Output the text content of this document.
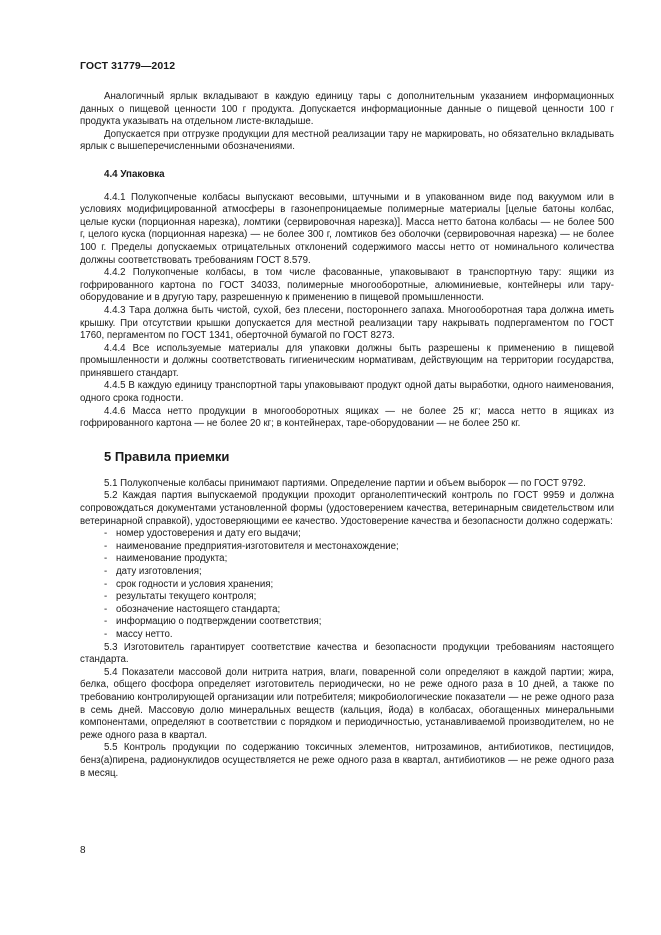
ГОСТ 31779—2012

Аналогичный ярлык вкладывают в каждую единицу тары с дополнительным указанием информационных данных о пищевой ценности 100 г продукта. Допускается информационные данные о пищевой ценности 100 г продукта указывать на отдельном листе-вкладыше.

Допускается при отгрузке продукции для местной реализации тару не маркировать, но обязательно вкладывать ярлык с вышеперечисленными обозначениями.

4.4 Упаковка

4.4.1 Полукопченые колбасы выпускают весовыми, штучными и в упакованном виде под вакуумом или в условиях модифицированной атмосферы в газонепроницаемые полимерные материалы [целые батоны колбас, целые куски (порционная нарезка), ломтики (сервировочная нарезка)]. Масса нетто батона колбасы — не более 500 г, целого куска (порционная нарезка) — не более 300 г, ломтиков без оболочки (сервировочная нарезка) — не более 100 г. Пределы допускаемых отрицательных отклонений содержимого массы нетто от номинального количества должны соответствовать требованиям ГОСТ 8.579.

4.4.2 Полукопченые колбасы, в том числе фасованные, упаковывают в транспортную тару: ящики из гофрированного картона по ГОСТ 34033, полимерные многооборотные, алюминиевые, контейнеры или тару-оборудование и в другую тару, разрешенную к применению в пищевой промышленности.

4.4.3 Тара должна быть чистой, сухой, без плесени, постороннего запаха. Многооборотная тара должна иметь крышку. При отсутствии крышки допускается для местной реализации тару накрывать подпергаментом по ГОСТ 1760, пергаментом по ГОСТ 1341, оберточной бумагой по ГОСТ 8273.

4.4.4 Все используемые материалы для упаковки должны быть разрешены к применению в пищевой промышленности и должны соответствовать гигиеническим нормативам, действующим на территории государства, принявшего стандарт.

4.4.5 В каждую единицу транспортной тары упаковывают продукт одной даты выработки, одного наименования, одного срока годности.

4.4.6 Масса нетто продукции в многооборотных ящиках — не более 25 кг; масса нетто в ящиках из гофрированного картона — не более 20 кг; в контейнерах, таре-оборудовании — не более 250 кг.

5 Правила приемки

5.1 Полукопченые колбасы принимают партиями. Определение партии и объем выборок — по ГОСТ 9792.

5.2 Каждая партия выпускаемой продукции проходит органолептический контроль по ГОСТ 9959 и должна сопровождаться документами установленной формы (удостоверением качества, ветеринарным свидетельством или ветеринарной справкой), удостоверяющими ее качество. Удостоверение качества и безопасности должно содержать:

- номер удостоверения и дату его выдачи;
- наименование предприятия-изготовителя и местонахождение;
- наименование продукта;
- дату изготовления;
- срок годности и условия хранения;
- результаты текущего контроля;
- обозначение настоящего стандарта;
- информацию о подтверждении соответствия;
- массу нетто.

5.3 Изготовитель гарантирует соответствие качества и безопасности продукции требованиям настоящего стандарта.

5.4 Показатели массовой доли нитрита натрия, влаги, поваренной соли определяют в каждой партии; жира, белка, общего фосфора определяет изготовитель периодически, но не реже одного раза в 10 дней, а также по требованию контролирующей организации или потребителя; микробиологические показатели — не реже одного раза в семь дней. Массовую долю минеральных веществ (кальция, йода) в колбасах, обогащенных минеральными компонентами, определяют в соответствии с порядком и периодичностью, устанавливаемой производителем, но не реже одного раза в квартал.

5.5 Контроль продукции по содержанию токсичных элементов, нитрозаминов, антибиотиков, пестицидов, бенз(а)пирена, радионуклидов осуществляется не реже одного раза в квартал, антибиотиков — не реже одного раза в месяц.

8
